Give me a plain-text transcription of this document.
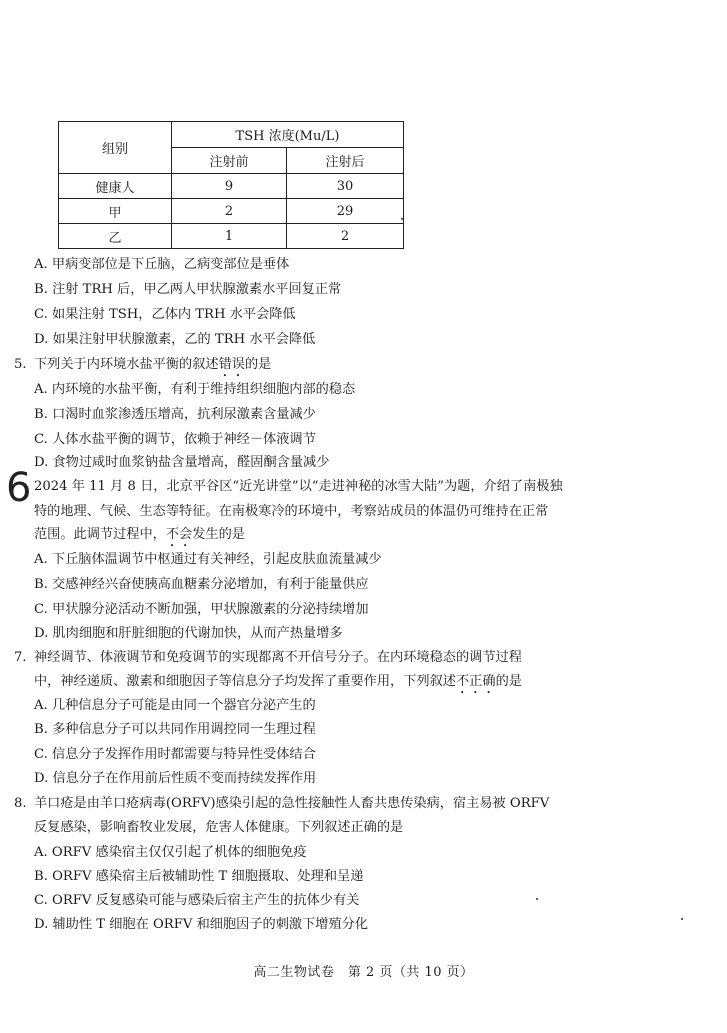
组别	TSH 浓度(Mu/L)	
	注射前	注射后
健康人	9	30
甲	2	29
乙	1	2
A. 甲病变部位是下丘脑，乙病变部位是垂体
B. 注射 TRH 后，甲乙两人甲状腺激素水平回复正常
C. 如果注射 TSH，乙体内 TRH 水平会降低
D. 如果注射甲状腺激素，乙的 TRH 水平会降低
5. 下列关于内环境水盐平衡的叙述错误的是
A. 内环境的水盐平衡，有利于维持组织细胞内部的稳态
B. 口渴时血浆渗透压增高，抗利尿激素含量减少
C. 人体水盐平衡的调节，依赖于神经－体液调节
D. 食物过咸时血浆钠盐含量增高，醛固酮含量减少
6 2024 年 11 月 8 日，北京平谷区“近光讲堂”以“走进神秘的冰雪大陆”为题，介绍了南极独
特的地理、气候、生态等特征。在南极寒冷的环境中，考察站成员的体温仍可维持在正常
范围。此调节过程中，不会发生的是
A. 下丘脑体温调节中枢通过有关神经，引起皮肤血流量减少
B. 交感神经兴奋使胰高血糖素分泌增加，有利于能量供应
C. 甲状腺分泌活动不断加强，甲状腺激素的分泌持续增加
D. 肌肉细胞和肝脏细胞的代谢加快，从而产热量增多
7. 神经调节、体液调节和免疫调节的实现都离不开信号分子。在内环境稳态的调节过程
中，神经递质、激素和细胞因子等信息分子均发挥了重要作用，下列叙述不正确的是
A. 几种信息分子可能是由同一个器官分泌产生的
B. 多种信息分子可以共同作用调控同一生理过程
C. 信息分子发挥作用时都需要与特异性受体结合
D. 信息分子在作用前后性质不变而持续发挥作用
8. 羊口疮是由羊口疮病毒(ORFV)感染引起的急性接触性人畜共患传染病，宿主易被 ORFV
反复感染，影响畜牧业发展，危害人体健康。下列叙述正确的是
A. ORFV 感染宿主仅仅引起了机体的细胞免疫
B. ORFV 感染宿主后被辅助性 T 细胞摄取、处理和呈递
C. ORFV 反复感染可能与感染后宿主产生的抗体少有关
D. 辅助性 T 细胞在 ORFV 和细胞因子的刺激下增殖分化
高二生物试卷　第 2 页（共 10 页）
